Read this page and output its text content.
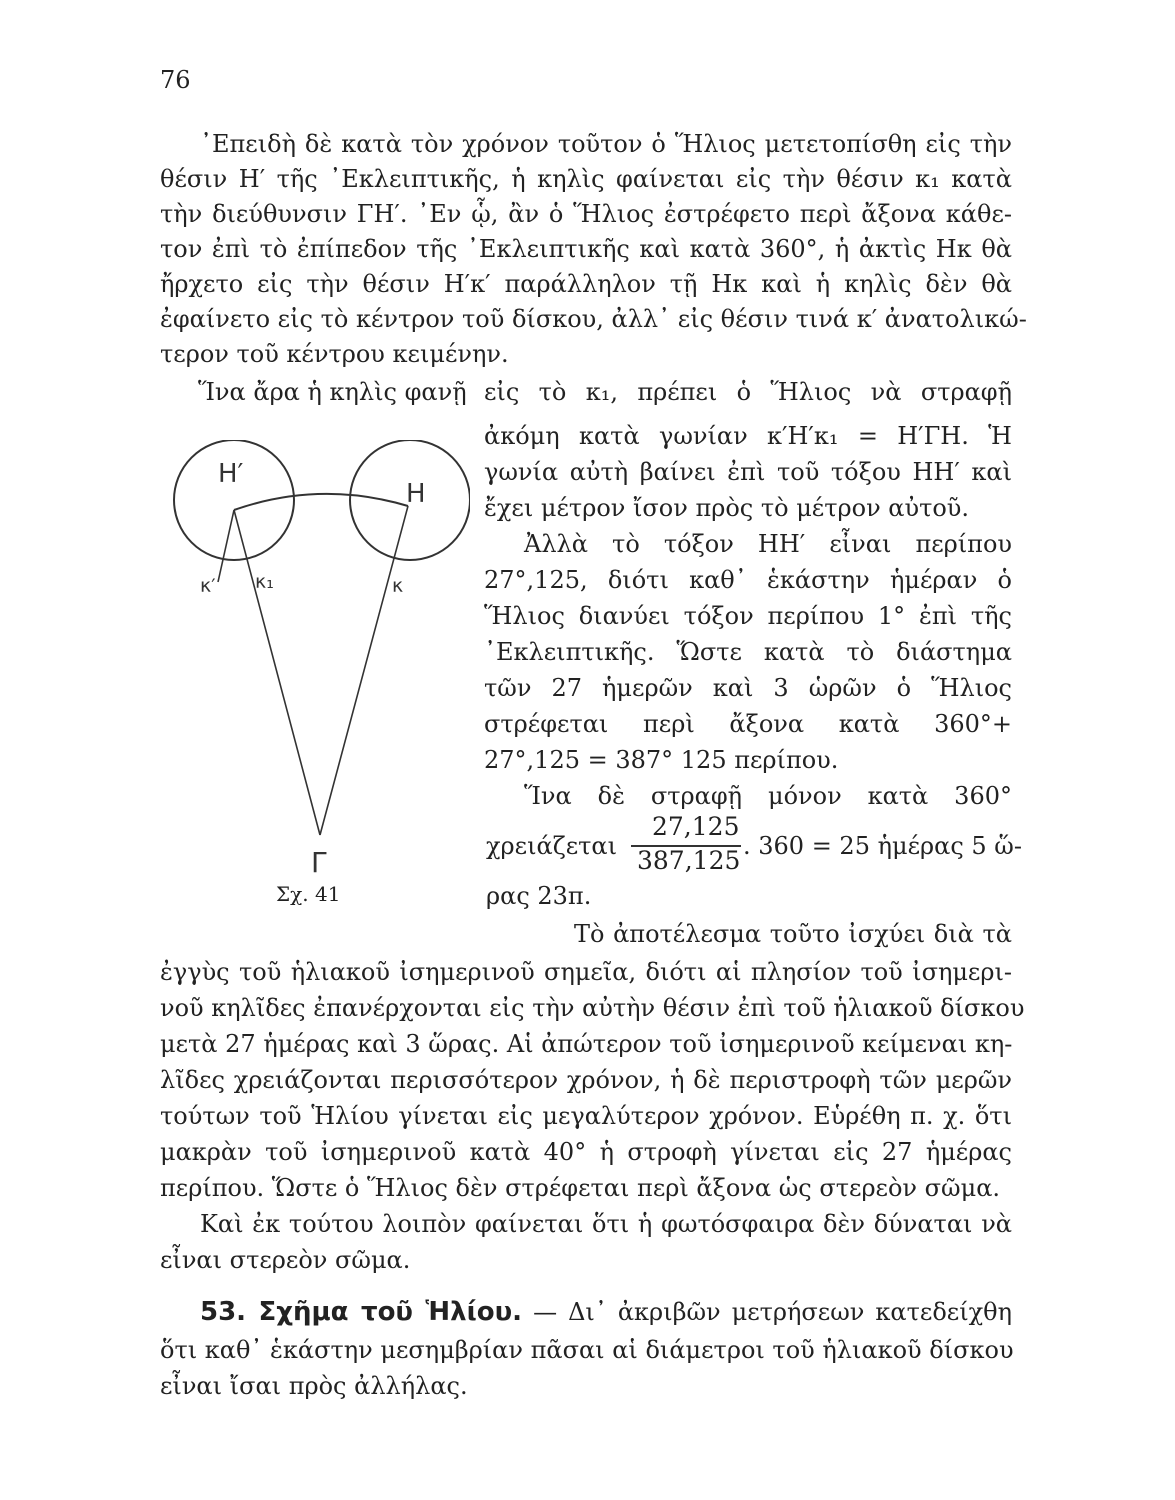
76
᾿Επειδὴ δὲ κατὰ τὸν χρόνον τοῦτον ὁ Ἥλιος μετετοπίσθη εἰς τὴν
θέσιν Η′ τῆς ᾿Εκλειπτικῆς, ἡ κηλὶς φαίνεται εἰς τὴν θέσιν κ₁ κατὰ
τὴν διεύθυνσιν ΓΗ′. ᾿Εν ᾧ, ἂν ὁ Ἥλιος ἐστρέφετο περὶ ἄξονα κάθε-
τον ἐπὶ τὸ ἐπίπεδον τῆς ᾿Εκλειπτικῆς καὶ κατὰ 360°, ἡ ἀκτὶς Ηκ θὰ
ἤρχετο εἰς τὴν θέσιν Η′κ′ παράλληλον τῇ Ηκ καὶ ἡ κηλὶς δὲν θὰ
ἐφαίνετο εἰς τὸ κέντρον τοῦ δίσκου, ἀλλ᾿ εἰς θέσιν τινά κ′ ἀνατολικώ-
τερον τοῦ κέντρου κειμένην.
Ἵνα ἄρα ἡ κηλὶς φανῇ εἰς τὸ κ₁, πρέπει ὁ Ἥλιος νὰ στραφῇ
ἀκόμη κατὰ γωνίαν κ′Η′κ₁ = Η′ΓΗ. Ἡ
γωνία αὐτὴ βαίνει ἐπὶ τοῦ τόξου ΗΗ′ καὶ
ἔχει μέτρον ἴσον πρὸς τὸ μέτρον αὐτοῦ.
Ἀλλὰ τὸ τόξον ΗΗ′ εἶναι περίπου
27°,125, διότι καθ᾿ ἑκάστην ἡμέραν ὁ
Ἥλιος διανύει τόξον περίπου 1° ἐπὶ τῆς
᾿Εκλειπτικῆς. Ὥστε κατὰ τὸ διάστημα
τῶν 27 ἡμερῶν καὶ 3 ὡρῶν ὁ Ἥλιος
στρέφεται περὶ ἄξονα κατὰ 360°+
27°,125 = 387° 125 περίπου.
Ἵνα δὲ στραφῇ μόνον κατὰ 360°
χρειάζεται
27,125
387,125 . 360 = 25 ἡμέρας 5 ὥ-
ρας 23π.
Η′
Η
κ′ κ₁	κ
Γ
Σχ. 41
Τὸ ἀποτέλεσμα τοῦτο ἰσχύει διὰ τὰ
ἐγγὺς τοῦ ἡλιακοῦ ἰσημερινοῦ σημεῖα, διότι αἱ πλησίον τοῦ ἰσημερι-
νοῦ κηλῖδες ἐπανέρχονται εἰς τὴν αὐτὴν θέσιν ἐπὶ τοῦ ἡλιακοῦ δίσκου
μετὰ 27 ἡμέρας καὶ 3 ὥρας. Αἱ ἀπώτερον τοῦ ἰσημερινοῦ κείμεναι κη-
λῖδες χρειάζονται περισσότερον χρόνον, ἡ δὲ περιστροφὴ τῶν μερῶν
τούτων τοῦ Ἡλίου γίνεται εἰς μεγαλύτερον χρόνον. Εὑρέθη π. χ. ὅτι
μακρὰν τοῦ ἰσημερινοῦ κατὰ 40° ἡ στροφὴ γίνεται εἰς 27 ἡμέρας
περίπου. Ὥστε ὁ Ἥλιος δὲν στρέφεται περὶ ἄξονα ὡς στερεὸν σῶμα.
Καὶ ἐκ τούτου λοιπὸν φαίνεται ὅτι ἡ φωτόσφαιρα δὲν δύναται νὰ
εἶναι στερεὸν σῶμα.
53. Σχῆμα τοῦ Ἡλίου. — Δι᾿ ἀκριβῶν μετρήσεων κατεδείχθη
ὅτι καθ᾿ ἑκάστην μεσημβρίαν πᾶσαι αἱ διάμετροι τοῦ ἡλιακοῦ δίσκου
εἶναι ἴσαι πρὸς ἀλλήλας.
